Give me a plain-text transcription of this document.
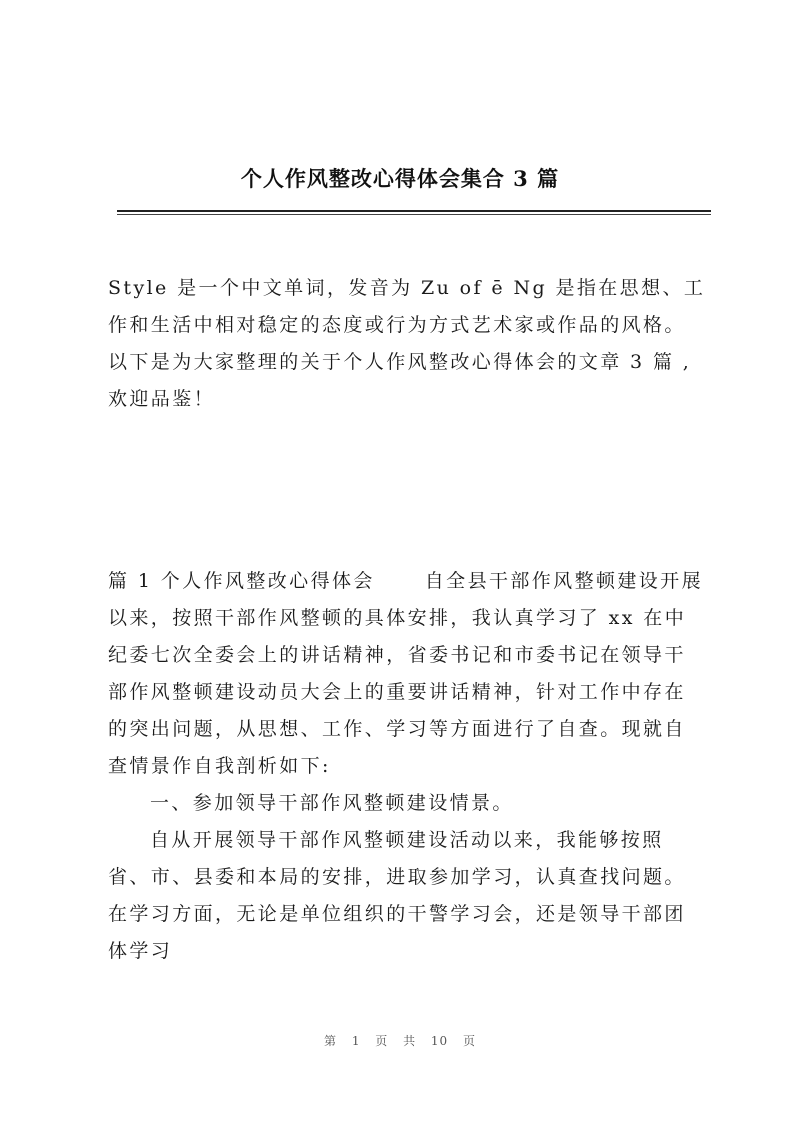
个人作风整改心得体会集合 3 篇

Style 是一个中文单词，发音为 Zu of ē Ng 是指在思想、工作和生活中相对稳定的态度或行为方式艺术家或作品的风格。 以下是为大家整理的关于个人作风整改心得体会的文章 3 篇 ,欢迎品鉴！

篇 1 个人作风整改心得体会	自全县干部作风整顿建设开展以来，按照干部作风整顿的具体安排，我认真学习了 xx 在中纪委七次全委会上的讲话精神，省委书记和市委书记在领导干部作风整顿建设动员大会上的重要讲话精神，针对工作中存在的突出问题，从思想、工作、学习等方面进行了自查。现就自查情景作自我剖析如下:

一、参加领导干部作风整顿建设情景。

自从开展领导干部作风整顿建设活动以来，我能够按照省、市、县委和本局的安排，进取参加学习，认真查找问题。在学习方面，无论是单位组织的干警学习会，还是领导干部团体学习

第 1 页 共 10 页
